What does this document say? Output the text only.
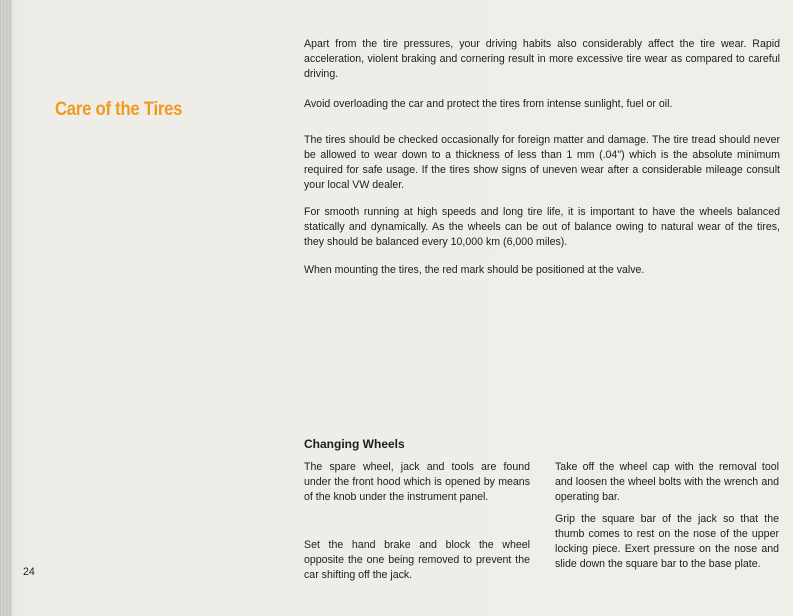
Care of the Tires

Apart from the tire pressures, your driving habits also considerably affect the tire wear. Rapid acceleration, violent braking and cornering result in more excessive tire wear as compared to careful driving.

Avoid overloading the car and protect the tires from intense sunlight, fuel or oil.

The tires should be checked occasionally for foreign matter and damage. The tire tread should never be allowed to wear down to a thickness of less than 1 mm (.04") which is the absolute minimum required for safe usage. If the tires show signs of uneven wear after a considerable mileage consult your local VW dealer.

For smooth running at high speeds and long tire life, it is important to have the wheels balanced statically and dynamically. As the wheels can be out of balance owing to natural wear of the tires, they should be balanced every 10,000 km (6,000 miles).

When mounting the tires, the red mark should be positioned at the valve.

Changing Wheels

The spare wheel, jack and tools are found under the front hood which is opened by means of the knob under the instrument panel.

Set the hand brake and block the wheel opposite the one being removed to prevent the car shifting off the jack.

Take off the wheel cap with the removal tool and loosen the wheel bolts with the wrench and operating bar.

Grip the square bar of the jack so that the thumb comes to rest on the nose of the upper locking piece. Exert pressure on the nose and slide down the square bar to the base plate.

24
